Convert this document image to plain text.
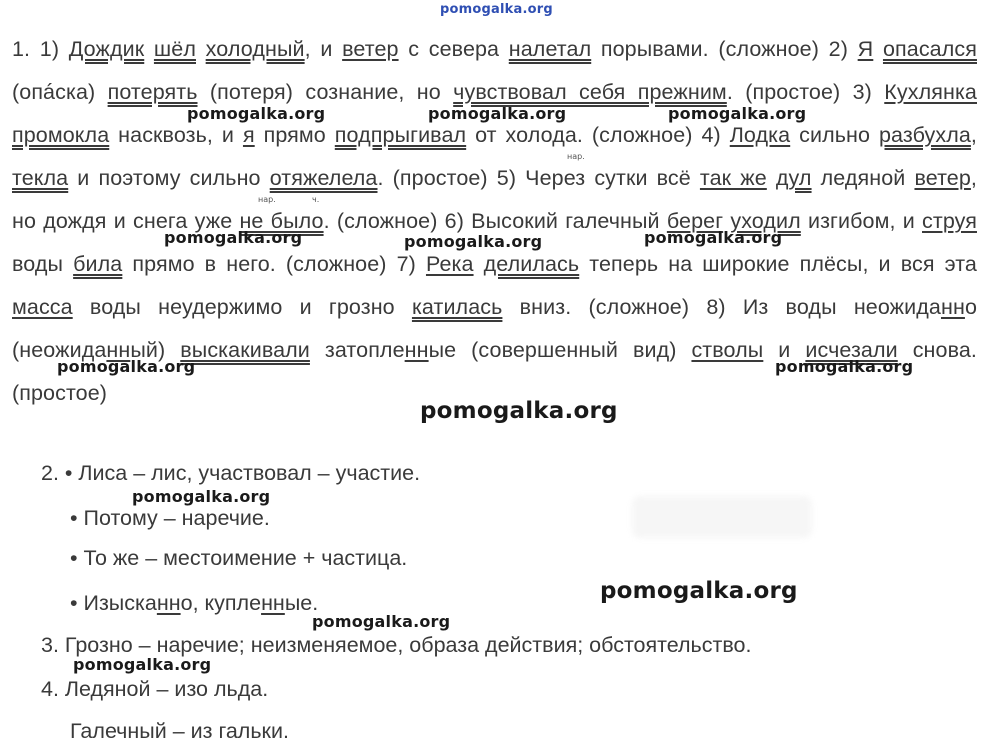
pomogalka.org
1. 1) Дождик шёл холодный, и ветер с севера налетал порывами. (сложное) 2) Я опасался (опáска) потерять (потеря) сознание, но чувствовал себя прежним. (простое) 3) Кухлянка промокла насквозь, и я прямо подпрыгивал от холода. (сложное) 4) Лодка сильно разбухла, текла и поэтому сильно отяжелела. (простое) 5) Через сутки всё так же дул ледяной ветер, но дождя и снега уже не было. (сложное) 6) Высокий галечный берег уходил изгибом, и струя воды била прямо в него. (сложное) 7) Река делилась теперь на широкие плёсы, и вся эта масса воды неудержимо и грозно катилась вниз. (сложное) 8) Из воды неожиданно (неожиданный) выскакивали затопленные (совершенный вид) стволы и исчезали снова. (простое)
нар.
нар.	ч.
2. • Лиса – лис, участвовал – участие.
• Потому – наречие.
• То же – местоимение + частица.
• Изысканно, купленные.
3. Грозно – наречие; неизменяемое, образа действия; обстоятельство.
4. Ледяной – изо льда.
Галечный – из гальки.
pomogalka.org	pomogalka.org	pomogalka.org
pomogalka.org	pomogalka.org	pomogalka.org
pomogalka.org	pomogalka.org
pomogalka.org
pomogalka.org
pomogalka.org
pomogalka.org
pomogalka.org
